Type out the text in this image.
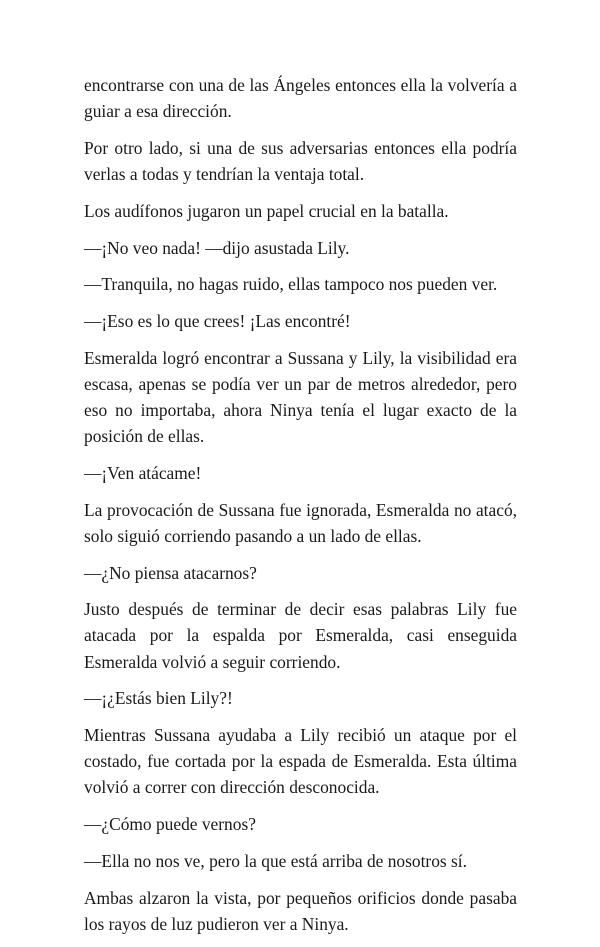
encontrarse con una de las Ángeles entonces ella la volvería a guiar a esa dirección.

Por otro lado, si una de sus adversarias entonces ella podría verlas a todas y tendrían la ventaja total.

Los audífonos jugaron un papel crucial en la batalla.

—¡No veo nada! —dijo asustada Lily.

—Tranquila, no hagas ruido, ellas tampoco nos pueden ver.

—¡Eso es lo que crees! ¡Las encontré!

Esmeralda logró encontrar a Sussana y Lily, la visibilidad era escasa, apenas se podía ver un par de metros alrededor, pero eso no importaba, ahora Ninya tenía el lugar exacto de la posición de ellas.

—¡Ven atácame!

La provocación de Sussana fue ignorada, Esmeralda no atacó, solo siguió corriendo pasando a un lado de ellas.

—¿No piensa atacarnos?

Justo después de terminar de decir esas palabras Lily fue atacada por la espalda por Esmeralda, casi enseguida Esmeralda volvió a seguir corriendo.

—¡¿Estás bien Lily?!

Mientras Sussana ayudaba a Lily recibió un ataque por el costado, fue cortada por la espada de Esmeralda. Esta última volvió a correr con dirección desconocida.

—¿Cómo puede vernos?

—Ella no nos ve, pero la que está arriba de nosotros sí.

Ambas alzaron la vista, por pequeños orificios donde pasaba los rayos de luz pudieron ver a Ninya.
